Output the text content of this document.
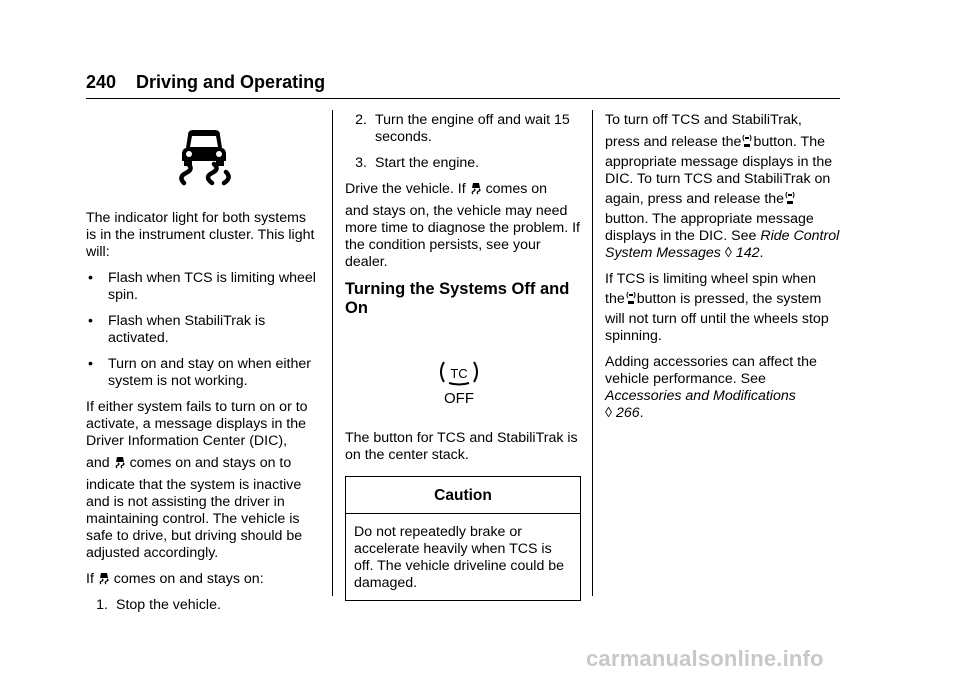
240 Driving and Operating

The indicator light for both systems is in the instrument cluster. This light will:

•	Flash when TCS is limiting wheel spin.
•	Flash when StabiliTrak is activated.
•	Turn on and stay on when either system is not working.

If either system fails to turn on or to activate, a message displays in the Driver Information Center (DIC),

and comes on and stays on to

indicate that the system is inactive and is not assisting the driver in maintaining control. The vehicle is safe to drive, but driving should be adjusted accordingly.

If comes on and stays on:

1. Stop the vehicle.
2. Turn the engine off and wait 15 seconds.
3. Start the engine.

Drive the vehicle. If comes on

and stays on, the vehicle may need more time to diagnose the problem. If the condition persists, see your dealer.

Turning the Systems Off and On
TC
OFF

The button for TCS and StabiliTrak is on the center stack.

Caution
Do not repeatedly brake or accelerate heavily when TCS is off. The vehicle driveline could be damaged.

To turn off TCS and StabiliTrak,

press and release the button. The

appropriate message displays in the DIC. To turn TCS and StabiliTrak on

again, press and release the

button. The appropriate message displays in the DIC. See Ride Control System Messages ◊ 142.

If TCS is limiting wheel spin when

the button is pressed, the system

will not turn off until the wheels stop spinning.

Adding accessories can affect the vehicle performance. See
Accessories and Modifications
◊ 266.

carmanualsonline.info
